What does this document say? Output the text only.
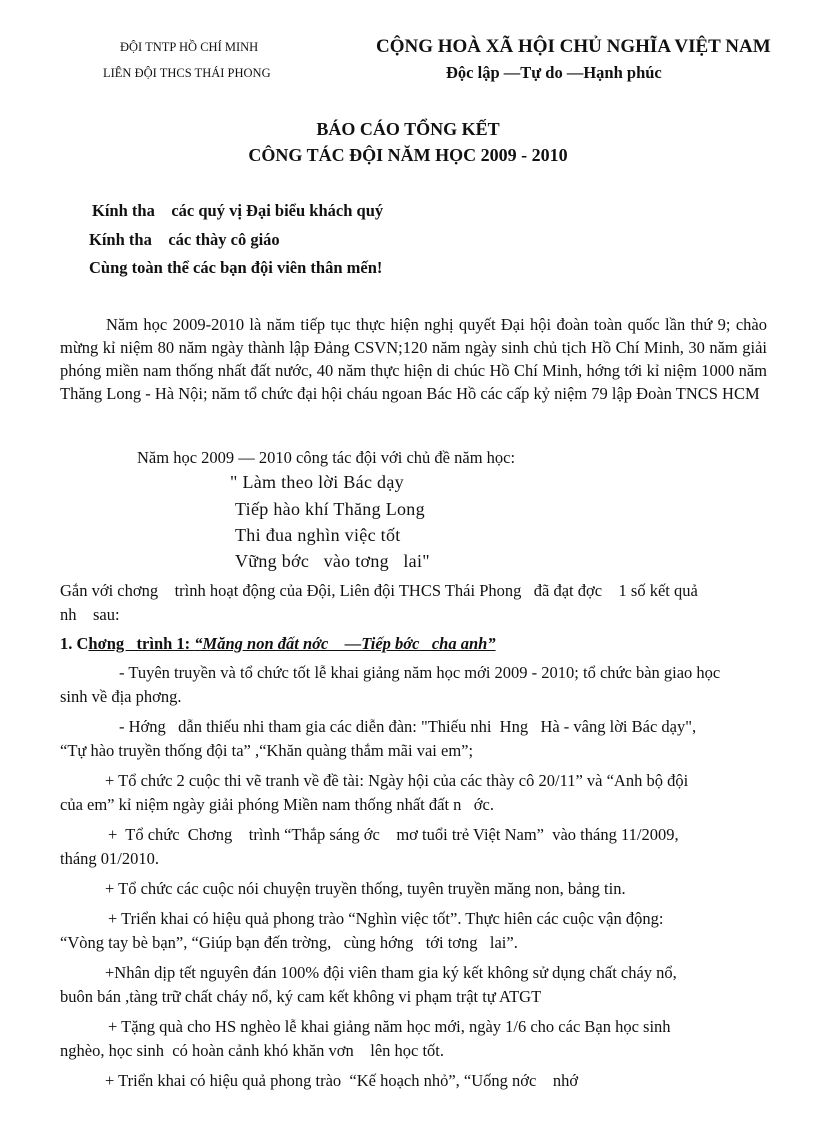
ĐỘI TNTP HỒ CHÍ MINH
LIÊN ĐỘI THCS THÁI PHONG
CỘNG HOÀ XÃ HỘI CHỦ NGHĨA VIỆT NAM
Độc lập —Tự do —Hạnh phúc
BÁO CÁO TỔNG KẾT
CÔNG TÁC ĐỘI NĂM HỌC 2009 - 2010
Kính tha    các quý vị Đại biểu khách quý
Kính tha    các thày cô giáo
Cùng toàn thể các bạn đội viên thân mến!
Năm học 2009-2010 là năm tiếp tục thực hiện nghị quyết Đại hội đoàn toàn quốc lần thứ 9; chào mừng kỉ niệm 80 năm ngày thành lập Đảng CSVN;120 năm ngày sinh chủ tịch Hồ Chí Minh, 30 năm giải phóng miền nam thống nhất đất nước, 40 năm thực hiện di chúc Hồ Chí Minh, hớng tới kỉ niệm 1000 năm Thăng Long - Hà Nội; năm tổ chức đại hội cháu ngoan Bác Hồ các cấp kỷ niệm 79 lập Đoàn TNCS HCM
Năm học 2009 — 2010 công tác đội với chủ đề năm học:
" Làm theo lời Bác dạy
Tiếp hào khí Thăng Long
Thi đua nghìn việc tốt
Vững bớc   vào tơng   lai"
Gắn với chơng    trình hoạt động của Đội, Liên đội THCS Thái Phong   đã đạt đợc    1 số kết quả
nh    sau:
1. Chơng   trình 1: “Măng non đất nớc    —Tiếp bớc   cha anh”
- Tuyên truyền và tổ chức tốt lễ khai giảng năm học mới 2009 - 2010; tổ chức bàn giao học
sinh về địa phơng.
- Hớng   dẫn thiếu nhi tham gia các diễn đàn: "Thiếu nhi  Hng   Hà - vâng lời Bác dạy",
“Tự hào truyền thống đội ta” ,“Khăn quàng thắm mãi vai em”;
+ Tổ chức 2 cuộc thi vẽ tranh về đề tài: Ngày hội của các thày cô 20/11” và “Anh bộ đội
của em” kỉ niệm ngày giải phóng Miền nam thống nhất đất n   ớc.
+  Tổ chức  Chơng    trình “Thắp sáng ớc    mơ tuổi trẻ Việt Nam”  vào tháng 11/2009,
tháng 01/2010.
+ Tổ chức các cuộc nói chuyện truyền thống, tuyên truyền măng non, bảng tin.
+ Triển khai có hiệu quả phong trào “Nghìn việc tốt”. Thực hiên các cuộc vận động:
“Vòng tay bè bạn”, “Giúp bạn đến trờng,   cùng hớng   tới tơng   lai”.
+Nhân dịp tết nguyên đán 100% đội viên tham gia ký kết không sử dụng chất cháy nổ,
buôn bán ,tàng trữ chất cháy nổ, ký cam kết không vi phạm trật tự ATGT
+ Tặng quà cho HS nghèo lễ khai giảng năm học mới, ngày 1/6 cho các Bạn học sinh
nghèo, học sinh  có hoàn cảnh khó khăn vơn    lên học tốt.
+ Triển khai có hiệu quả phong trào  “Kế hoạch nhỏ”, “Uống nớc    nhớ
